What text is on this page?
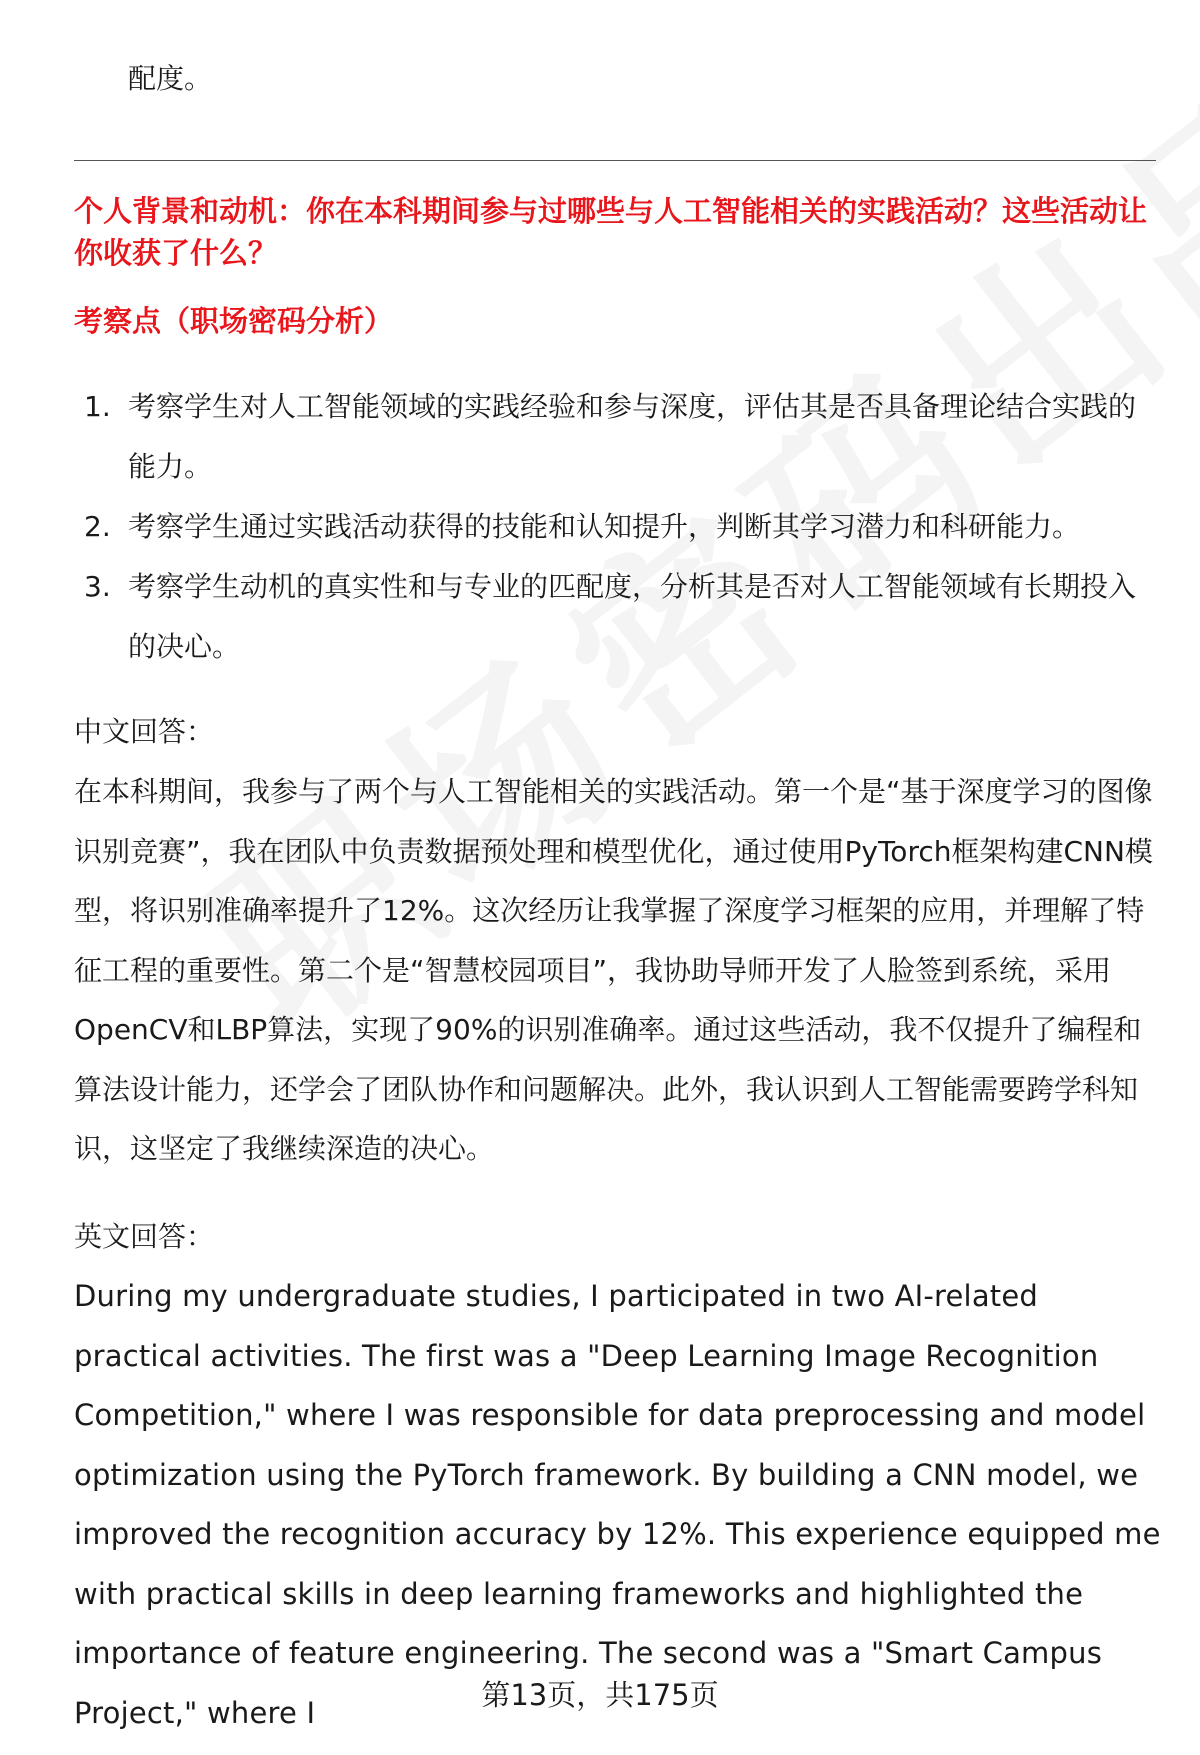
配度。
个人背景和动机：你在本科期间参与过哪些与人工智能相关的实践活动？这些活动让你收获了什么？
考察点（职场密码分析）
1. 考察学生对人工智能领域的实践经验和参与深度，评估其是否具备理论结合实践的能力。
2. 考察学生通过实践活动获得的技能和认知提升，判断其学习潜力和科研能力。
3. 考察学生动机的真实性和与专业的匹配度，分析其是否对人工智能领域有长期投入的决心。
中文回答：
在本科期间，我参与了两个与人工智能相关的实践活动。第一个是“基于深度学习的图像识别竞赛”，我在团队中负责数据预处理和模型优化，通过使用PyTorch框架构建CNN模型，将识别准确率提升了12%。这次经历让我掌握了深度学习框架的应用，并理解了特征工程的重要性。第二个是“智慧校园项目”，我协助导师开发了人脸签到系统，采用OpenCV和LBP算法，实现了90%的识别准确率。通过这些活动，我不仅提升了编程和算法设计能力，还学会了团队协作和问题解决。此外，我认识到人工智能需要跨学科知识，这坚定了我继续深造的决心。
英文回答：
During my undergraduate studies, I participated in two AI-related practical activities. The first was a "Deep Learning Image Recognition Competition," where I was responsible for data preprocessing and model optimization using the PyTorch framework. By building a CNN model, we improved the recognition accuracy by 12%. This experience equipped me with practical skills in deep learning frameworks and highlighted the importance of feature engineering. The second was a "Smart Campus Project," where I
第13页，共175页
